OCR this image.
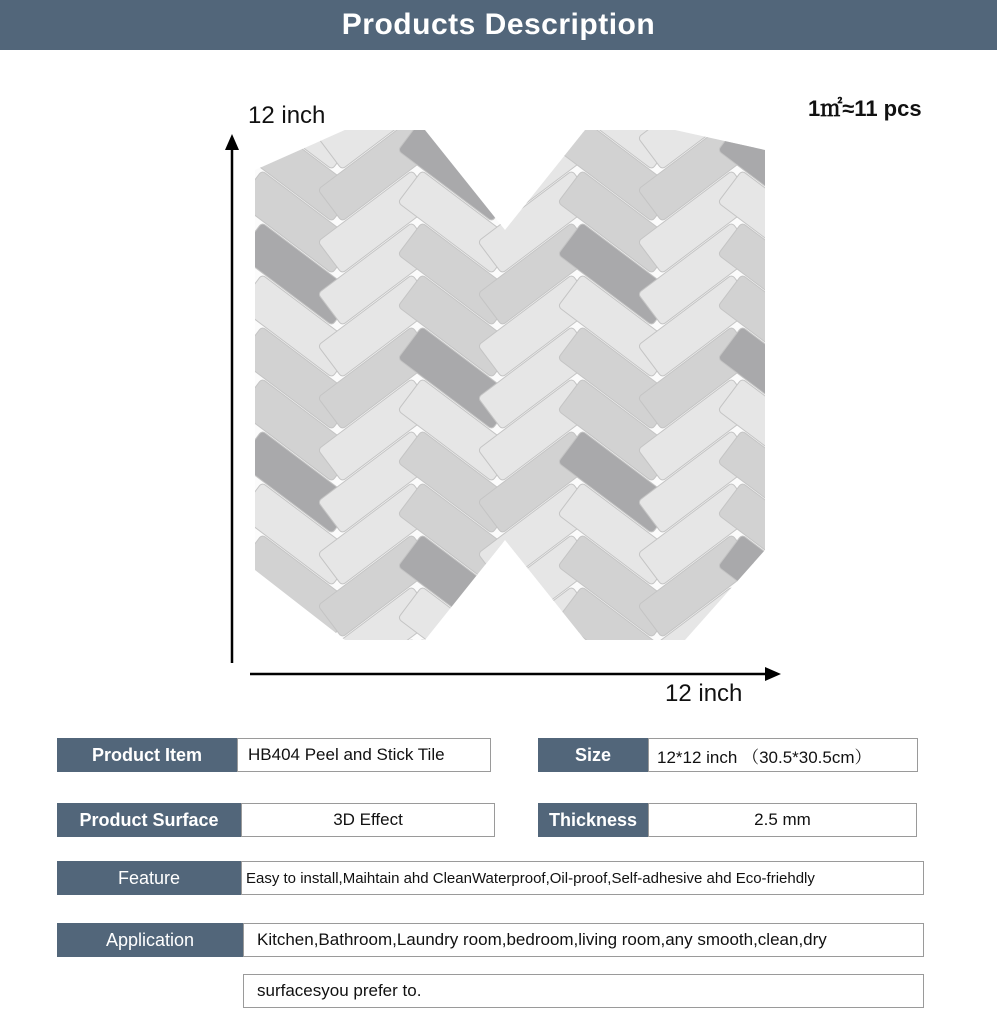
Products Description
1㎡≈11 pcs
12 inch
12 inch
Product Item	HB404 Peel and Stick Tile	Size	12*12 inch （30.5*30.5cm）
Product Surface	3D Effect	Thickness	2.5 mm
Feature	Easy to install,Maihtain ahd CleanWaterproof,Oil-proof,Self-adhesive ahd Eco-friehdly
Application	Kitchen,Bathroom,Laundry room,bedroom,living room,any smooth,clean,dry
surfacesyou prefer to.
